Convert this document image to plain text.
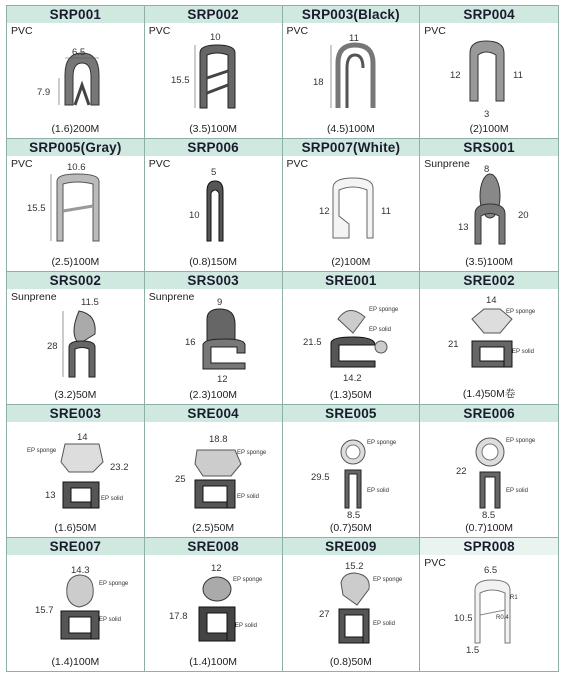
SRP001
PVC
6.5
7.9
(1.6)200M
SRP002
PVC
10
15.5
(3.5)100M
SRP003(Black)
PVC
11
18
(4.5)100M
SRP004
PVC
12	11
3
(2)100M
SRP005(Gray)
PVC	10.6
15.5
(2.5)100M
SRP006
PVC
5
10
(0.8)150M
SRP007(White)
PVC
12	11
(2)100M
SRS001
Sunprene 8
13
20
(3.5)100M
SRS002
Sunprene	11.5
28
(3.2)50M
SRS003
Sunprene 9
16
12
(2.3)100M
SRE001
EP sponge
EP solid
21.5
14.2
(1.3)50M
SRE002
EP sponge
EP solid
14
21
(1.4)50M卷
SRE003
EP sponge
EP solid
14
23.2
13
(1.6)50M
SRE004
EP sponge
EP solid
18.8
25
(2.5)50M
SRE005
EP sponge
EP solid
29.5
8.5
(0.7)50M
SRE006
EP sponge
EP solid
22
8.5
(0.7)100M
SRE007
EP sponge
EP solid
14.3
15.7
(1.4)100M
SRE008
EP sponge
EP solid
12
17.8
(1.4)100M
SRE009
EP sponge
EP solid
15.2
27
(0.8)50M
SPR008
PVC
6.5
10.5
1.5
R1
R0.4
